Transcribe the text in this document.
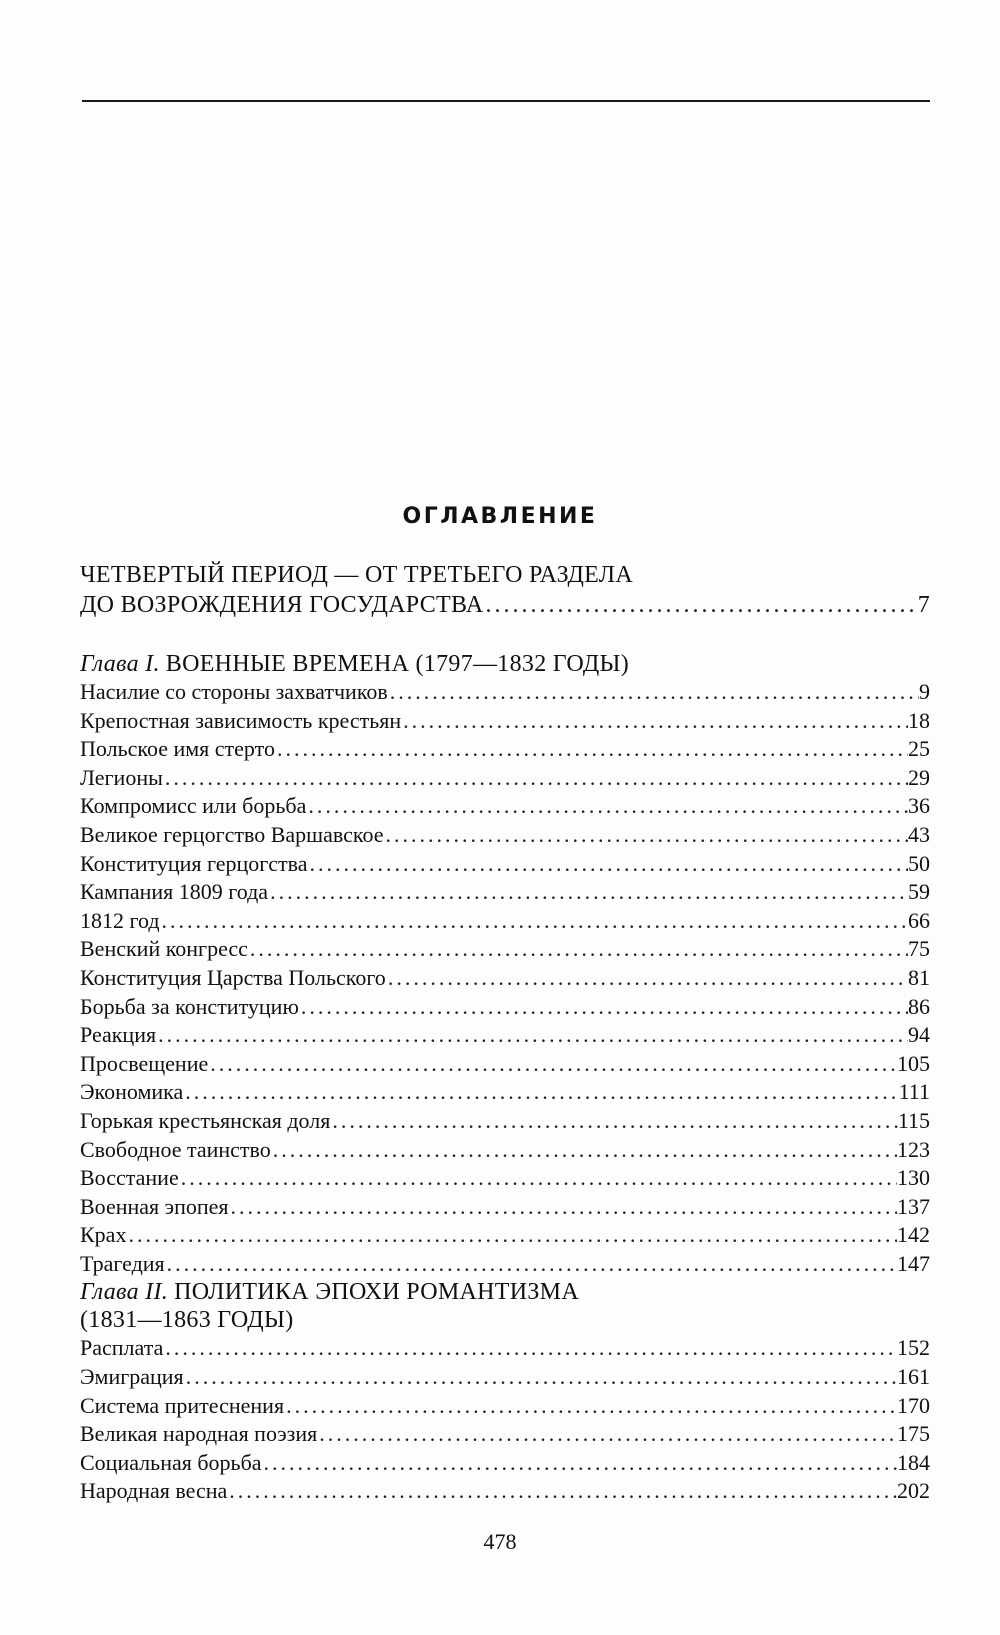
ОГЛАВЛЕНИЕ
ЧЕТВЕРТЫЙ ПЕРИОД — ОТ ТРЕТЬЕГО РАЗДЕЛА
ДО ВОЗРОЖДЕНИЯ ГОСУДАРСТВА .....	7
Глава I. ВОЕННЫЕ ВРЕМЕНА (1797—1832 ГОДЫ)
Насилие со стороны захватчиков .....	9
Крепостная зависимость крестьян .....	18
Польское имя стерто .....	25
Легионы .....	29
Компромисс или борьба .....	36
Великое герцогство Варшавское .....	43
Конституция герцогства .....	50
Кампания 1809 года .....	59
1812 год .....	66
Венский конгресс .....	75
Конституция Царства Польского .....	81
Борьба за конституцию .....	86
Реакция .....	94
Просвещение .....	105
Экономика .....	111
Горькая крестьянская доля .....	115
Свободное таинство .....	123
Восстание .....	130
Военная эпопея .....	137
Крах .....	142
Трагедия .....	147
Глава II. ПОЛИТИКА ЭПОХИ РОМАНТИЗМА
(1831—1863 ГОДЫ)
Расплата .....	152
Эмиграция .....	161
Система притеснения .....	170
Великая народная поэзия .....	175
Социальная борьба .....	184
Народная весна .....	202
478
